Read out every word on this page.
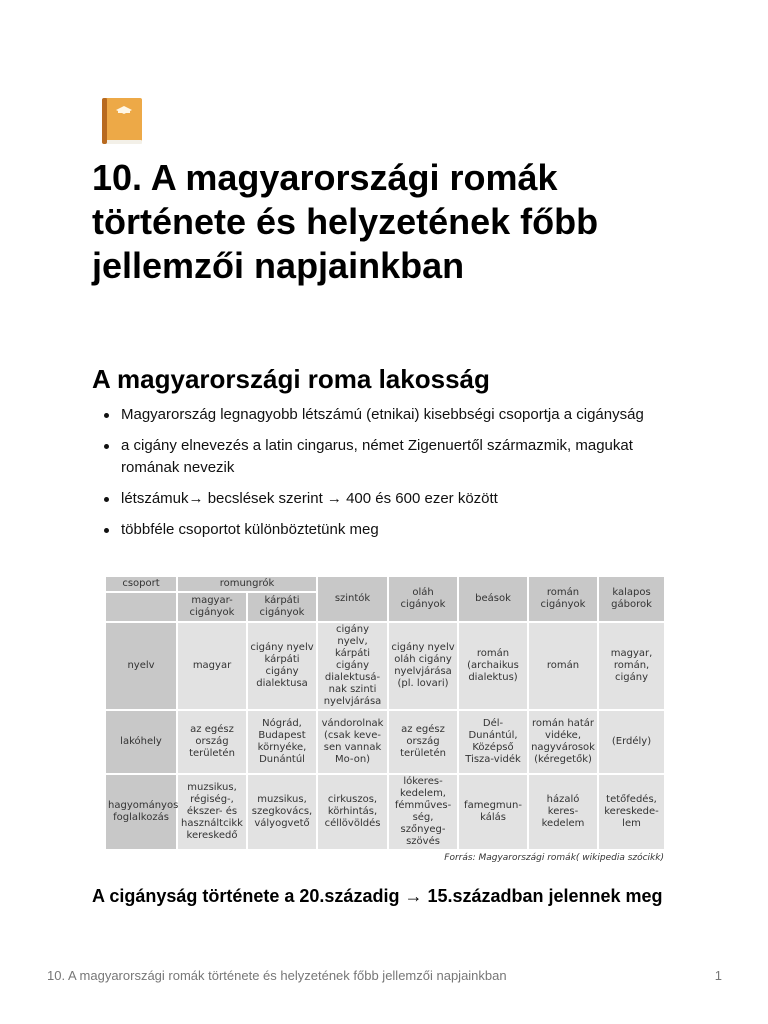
10. A magyarországi romák története és helyzetének főbb jellemzői napjainkban
A magyarországi roma lakosság
Magyarország legnagyobb létszámú (etnikai) kisebbségi csoportja a cigányság
a cigány elnevezés a latin cingarus, német Zigenuertől származmik, magukat romának nevezik
létszámuk→ becslések szerint → 400 és 600 ezer között
többféle csoportot különböztetünk meg
csoport	romungrók		szintók	oláh cigányok	beások	román cigányok	kalapos gáborok
	magyar-cigányok	kárpáti cigányok					
nyelv	magyar	cigány nyelv kárpáti cigány dialektusa	cigány nyelv, kárpáti cigány dialektusá-nak szinti nyelvjárása	cigány nyelv oláh cigány nyelvjárása (pl. lovari)	román (archaikus dialektus)	román	magyar, román, cigány
lakóhely	az egész ország területén	Nógrád, Budapest környéke, Dunántúl	vándorolnak (csak keve-sen vannak Mo-on)	az egész ország területén	Dél-Dunántúl, Középső Tisza-vidék	román határ vidéke, nagyvárosok (kéregetők)	(Erdély)
hagyományos foglalkozás	muzsikus, régiség-, ékszer- és használtcikk kereskedő	muzsikus, szegkovács, vályogvető	cirkuszos, körhintás, céllövöldés	lókeres-kedelem, fémműves-ség, szőnyeg-szövés	famegmun-kálás	házaló keres-kedelem	tetőfedés, kereskede-lem
Forrás: Magyarországi romák( wikipedia szócikk)
A cigányság története a 20.századig → 15.században jelennek meg
10. A magyarországi romák története és helyzetének főbb jellemzői napjainkban	1
